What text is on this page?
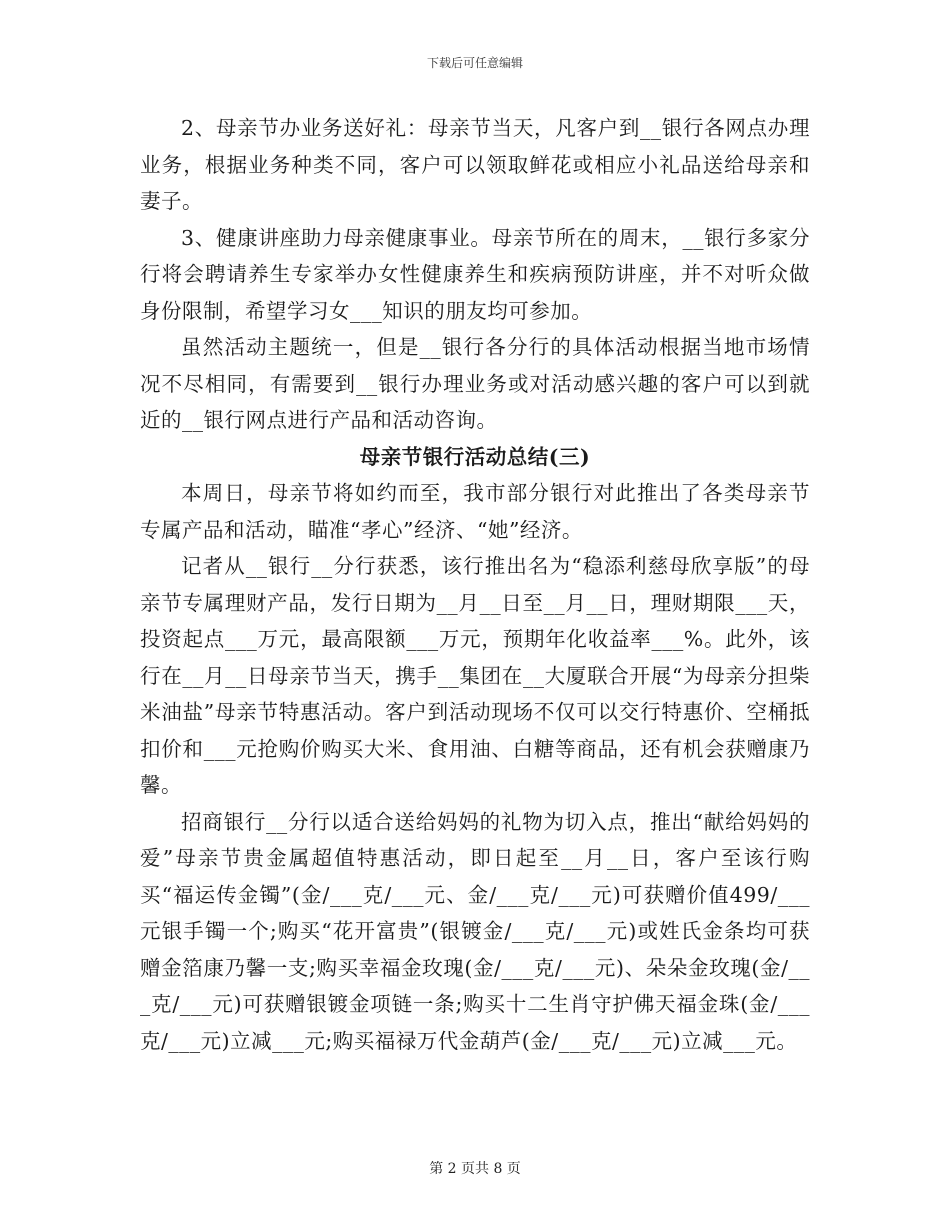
下载后可任意编辑

2、母亲节办业务送好礼：母亲节当天，凡客户到__银行各网点办理业务，根据业务种类不同，客户可以领取鲜花或相应小礼品送给母亲和妻子。

3、健康讲座助力母亲健康事业。母亲节所在的周末，__银行多家分行将会聘请养生专家举办女性健康养生和疾病预防讲座，并不对听众做身份限制，希望学习女___知识的朋友均可参加。

虽然活动主题统一，但是__银行各分行的具体活动根据当地市场情况不尽相同，有需要到__银行办理业务或对活动感兴趣的客户可以到就近的__银行网点进行产品和活动咨询。

母亲节银行活动总结(三)

本周日，母亲节将如约而至，我市部分银行对此推出了各类母亲节专属产品和活动，瞄准“孝心”经济、“她”经济。

记者从__银行__分行获悉，该行推出名为“稳添利慈母欣享版”的母亲节专属理财产品，发行日期为__月__日至__月__日，理财期限___天，投资起点___万元，最高限额___万元，预期年化收益率___%。此外，该行在__月__日母亲节当天，携手__集团在__大厦联合开展“为母亲分担柴米油盐”母亲节特惠活动。客户到活动现场不仅可以交行特惠价、空桶抵扣价和___元抢购价购买大米、食用油、白糖等商品，还有机会获赠康乃馨。

招商银行__分行以适合送给妈妈的礼物为切入点，推出“献给妈妈的爱”母亲节贵金属超值特惠活动，即日起至__月__日，客户至该行购买“福运传金镯”(金/___克/___元、金/___克/___元)可获赠价值499/___元银手镯一个;购买“花开富贵”(银镀金/___克/___元)或姓氏金条均可获赠金箔康乃馨一支;购买幸福金玫瑰(金/___克/___元)、朵朵金玫瑰(金/___克/___元)可获赠银镀金项链一条;购买十二生肖守护佛天福金珠(金/___克/___元)立减___元;购买福禄万代金葫芦(金/___克/___元)立减___元。

第 2 页共 8 页
